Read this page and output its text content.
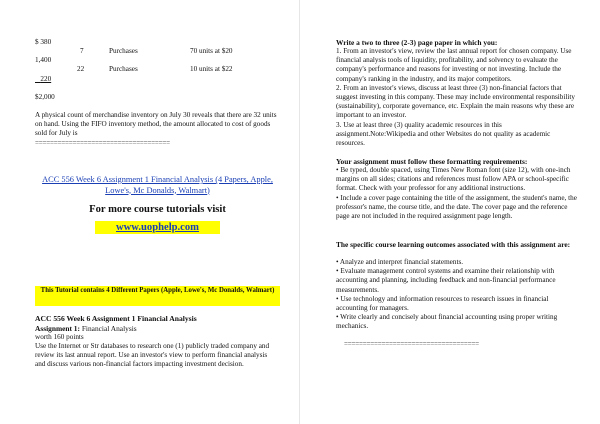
$ 380
7	Purchases	70 units at $20
1,400
22	Purchases	10 units at $22
220
$2,000
A physical count of merchandise inventory on July 30 reveals that there are 32 units on hand. Using the FIFO inventory method, the amount allocated to cost of goods sold for July is
====================================
ACC 556 Week 6 Assignment 1 Financial Analysis (4 Papers, Apple, Lowe's, Mc Donalds, Walmart)
For more course tutorials visit
www.uophelp.com
This Tutorial contains 4 Different Papers (Apple, Lowe's, Mc Donalds, Walmart)
ACC 556 Week 6 Assignment 1 Financial Analysis
Assignment 1: Financial Analysis
worth 160 points
Use the Internet or Str databases to research one (1) publicly traded company and review its last annual report. Use an investor's view to perform financial analysis and discuss various non-financial factors impacting investment decision.
Write a two to three (2-3) page paper in which you:

1. From an investor's view, review the last annual report for chosen company. Use financial analysis tools of liquidity, profitability, and solvency to evaluate the company's performance and reasons for investing or not investing. Include the company's ranking in the industry, and its major competitors.

2. From an investor's views, discuss at least three (3) non-financial factors that suggest investing in this company. These may include environmental responsibility (sustainability), corporate governance, etc. Explain the main reasons why these are important to an investor.

3. Use at least three (3) quality academic resources in this assignment.Note:Wikipedia and other Websites do not quality as academic resources.

Your assignment must follow these formatting requirements:

• Be typed, double spaced, using Times New Roman font (size 12), with one-inch margins on all sides; citations and references must follow APA or school-specific format. Check with your professor for any additional instructions.

• Include a cover page containing the title of the assignment, the student's name, the professor's name, the course title, and the date. The cover page and the reference page are not included in the required assignment page length.

The specific course learning outcomes associated with this assignment are:

• Analyze and interpret financial statements.

• Evaluate management control systems and examine their relationship with accounting and planning, including feedback and non-financial performance measurements.

• Use technology and information resources to research issues in financial accounting for managers.

• Write clearly and concisely about financial accounting using proper writing mechanics.

====================================
